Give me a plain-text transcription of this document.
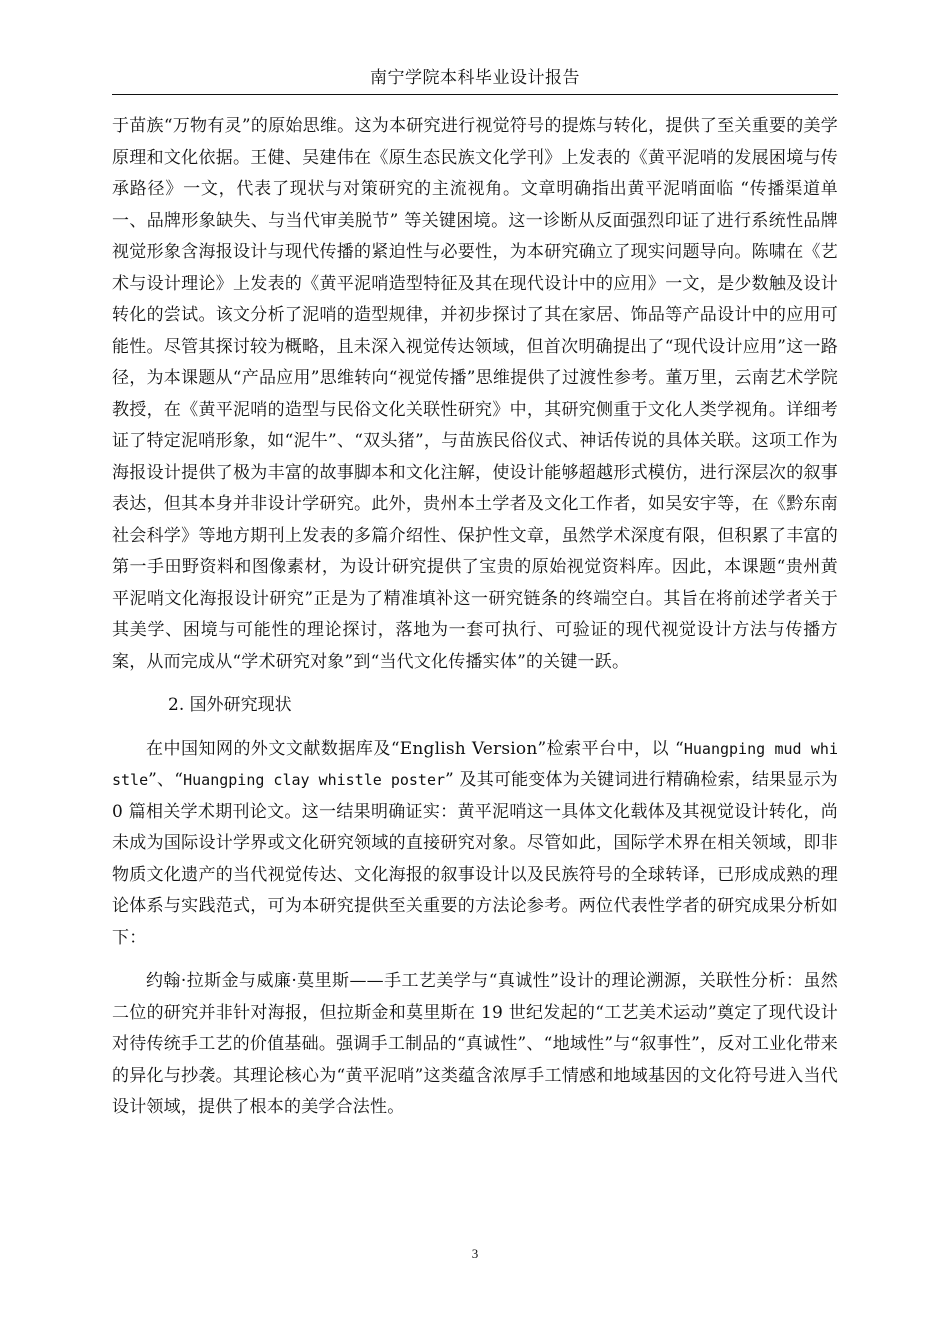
南宁学院本科毕业设计报告

于苗族“万物有灵”的原始思维。这为本研究进行视觉符号的提炼与转化，提供了至关重要的美学原理和文化依据。王健、吴建伟在《原生态民族文化学刊》上发表的《黄平泥哨的发展困境与传承路径》一文，代表了现状与对策研究的主流视角。文章明确指出黄平泥哨面临 “传播渠道单一、品牌形象缺失、与当代审美脱节” 等关键困境。这一诊断从反面强烈印证了进行系统性品牌视觉形象含海报设计与现代传播的紧迫性与必要性，为本研究确立了现实问题导向。陈啸在《艺术与设计理论》上发表的《黄平泥哨造型特征及其在现代设计中的应用》一文，是少数触及设计转化的尝试。该文分析了泥哨的造型规律，并初步探讨了其在家居、饰品等产品设计中的应用可能性。尽管其探讨较为概略，且未深入视觉传达领域，但首次明确提出了“现代设计应用”这一路径，为本课题从“产品应用”思维转向“视觉传播”思维提供了过渡性参考。董万里，云南艺术学院教授，在《黄平泥哨的造型与民俗文化关联性研究》中，其研究侧重于文化人类学视角。详细考证了特定泥哨形象，如“泥牛”、“双头猪”，与苗族民俗仪式、神话传说的具体关联。这项工作为海报设计提供了极为丰富的故事脚本和文化注解，使设计能够超越形式模仿，进行深层次的叙事表达，但其本身并非设计学研究。此外，贵州本土学者及文化工作者，如吴安宇等，在《黔东南社会科学》等地方期刊上发表的多篇介绍性、保护性文章，虽然学术深度有限，但积累了丰富的第一手田野资料和图像素材，为设计研究提供了宝贵的原始视觉资料库。因此，本课题“贵州黄平泥哨文化海报设计研究”正是为了精准填补这一研究链条的终端空白。其旨在将前述学者关于其美学、困境与可能性的理论探讨，落地为一套可执行、可验证的现代视觉设计方法与传播方案，从而完成从“学术研究对象”到“当代文化传播实体”的关键一跃。

2. 国外研究现状

在中国知网的外文文献数据库及“English Version”检索平台中，以 “Huangping mud whistle”、“Huangping clay whistle poster” 及其可能变体为关键词进行精确检索，结果显示为 0 篇相关学术期刊论文。这一结果明确证实：黄平泥哨这一具体文化载体及其视觉设计转化，尚未成为国际设计学界或文化研究领域的直接研究对象。尽管如此，国际学术界在相关领域，即非物质文化遗产的当代视觉传达、文化海报的叙事设计以及民族符号的全球转译，已形成成熟的理论体系与实践范式，可为本研究提供至关重要的方法论参考。两位代表性学者的研究成果分析如下：

约翰·拉斯金与威廉·莫里斯——手工艺美学与“真诚性”设计的理论溯源，关联性分析：虽然二位的研究并非针对海报，但拉斯金和莫里斯在 19 世纪发起的“工艺美术运动”奠定了现代设计对待传统手工艺的价值基础。强调手工制品的“真诚性”、“地域性”与“叙事性”，反对工业化带来的异化与抄袭。其理论核心为“黄平泥哨”这类蕴含浓厚手工情感和地域基因的文化符号进入当代设计领域，提供了根本的美学合法性。

3
